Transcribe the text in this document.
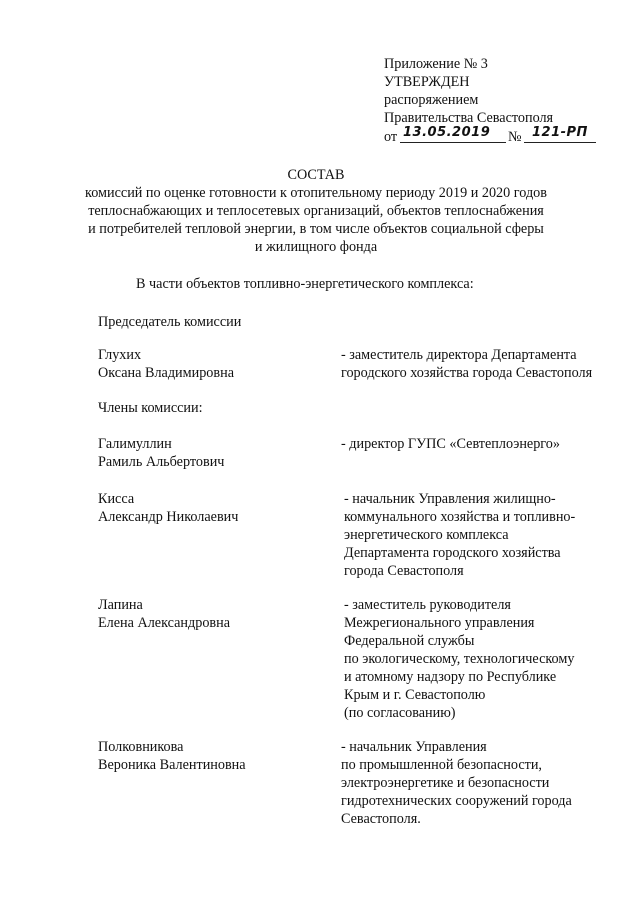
Приложение № 3
УТВЕРЖДЕН
распоряжением
Правительства Севастополя
от 13.05.2019 № 121-РП
СОСТАВ
комиссий по оценке готовности к отопительному периоду 2019 и 2020 годов
теплоснабжающих и теплосетевых организаций, объектов теплоснабжения
и потребителей тепловой энергии, в том числе объектов социальной сферы
и жилищного фонда
В части объектов топливно-энергетического комплекса:
Председатель комиссии
Глухих
Оксана Владимировна
- заместитель директора Департамента
городского хозяйства города Севастополя
Члены комиссии:
Галимуллин
Рамиль Альбертович
- директор ГУПС «Севтеплоэнерго»
Кисса
Александр Николаевич
- начальник Управления жилищно-
коммунального хозяйства и топливно-
энергетического комплекса
Департамента городского хозяйства
города Севастополя
Лапина
Елена Александровна
- заместитель руководителя
Межрегионального управления
Федеральной службы
по экологическому, технологическому
и атомному надзору по Республике
Крым и г. Севастополю
(по согласованию)
Полковникова
Вероника Валентиновна
- начальник Управления
по промышленной безопасности,
электроэнергетике и безопасности
гидротехнических сооружений города
Севастополя.
